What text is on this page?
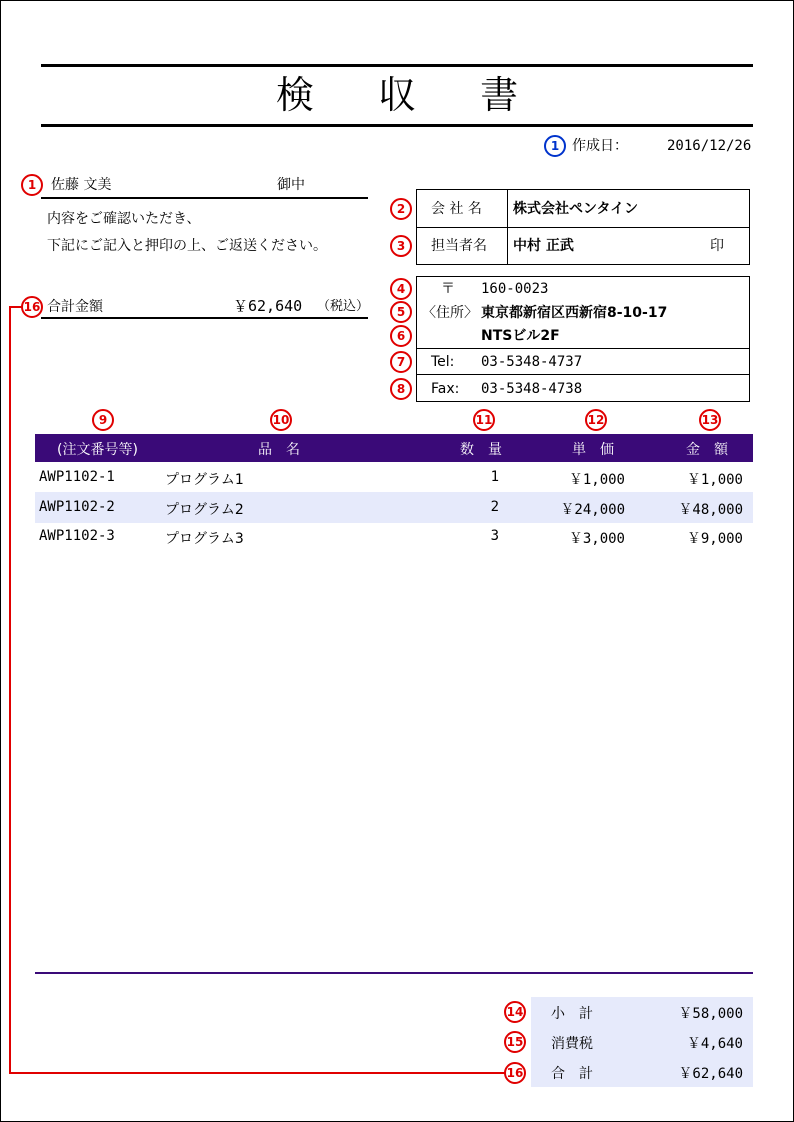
検 収 書
1 作成日：	2016/12/26
1	佐藤 文美	御中
内容をご確認いただき、
下記にご記入と押印の上、ご返送ください。
16 合計金額	￥62,640 （税込）
2
3
会 社 名 株式会社ペンタイン
担当者名 中村 正武	印
4
5
6
7
8
〒 160-0023
〈住所〉 東京都新宿区西新宿8-10-17
NTSビル2F
Tel: 03-5348-4737
Fax: 03-5348-4738
9	10	11	12	13
(注文番号等)	品　名	数　量	単　価	金　額
AWP1102-1	プログラム1	1	￥1,000	￥1,000
AWP1102-2	プログラム2	2	￥24,000	￥48,000
AWP1102-3	プログラム3	3	￥3,000	￥9,000
14
15
16
小　計	￥58,000
消費税	￥4,640
合　計	￥62,640
